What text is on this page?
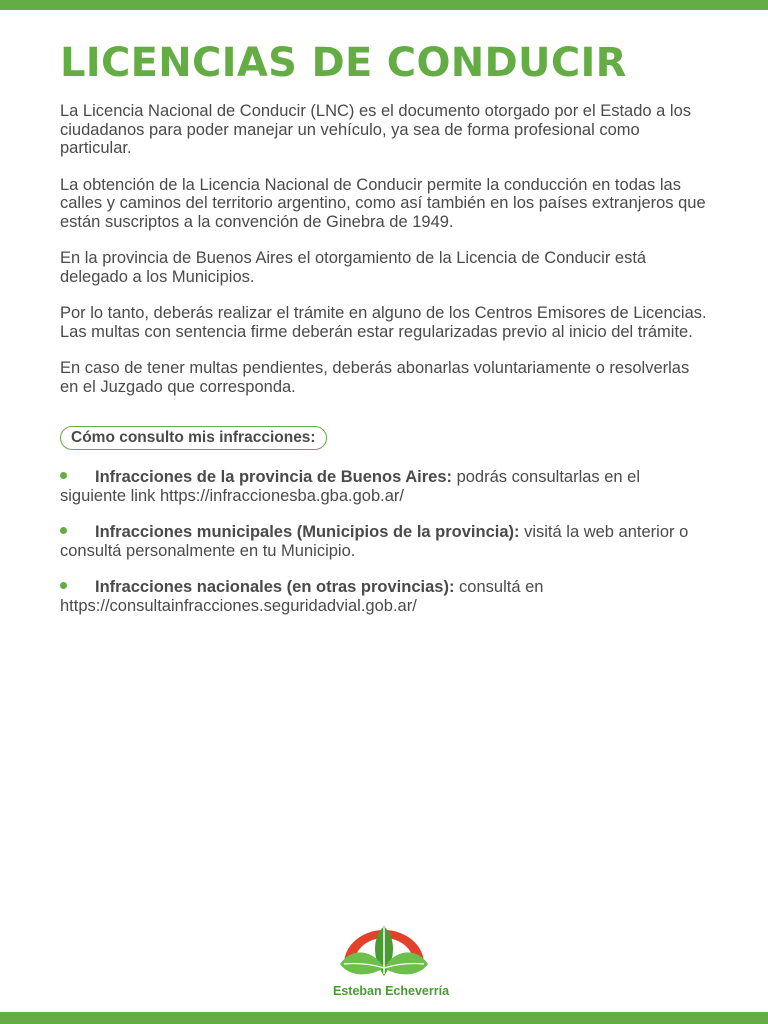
LICENCIAS DE CONDUCIR

La Licencia Nacional de Conducir (LNC) es el documento otorgado por el Estado a los ciudadanos para poder manejar un vehículo, ya sea de forma profesional como particular.

La obtención de la Licencia Nacional de Conducir permite la conducción en todas las calles y caminos del territorio argentino, como así también en los países extranjeros que están suscriptos a la convención de Ginebra de 1949.

En la provincia de Buenos Aires el otorgamiento de la Licencia de Conducir está delegado a los Municipios.

Por lo tanto, deberás realizar el trámite en alguno de los Centros Emisores de Licencias. Las multas con sentencia firme deberán estar regularizadas previo al inicio del trámite.

En caso de tener multas pendientes, deberás abonarlas voluntariamente o resolverlas en el Juzgado que corresponda.

Cómo consulto mis infracciones:
Infracciones de la provincia de Buenos Aires: podrás consultarlas en el siguiente link https://infraccionesba.gba.gob.ar/
Infracciones municipales (Municipios de la provincia): visitá la web anterior o consultá personalmente en tu Municipio.
Infracciones nacionales (en otras provincias): consultá en https://consultainfracciones.seguridadvial.gob.ar/
Esteban Echeverría
